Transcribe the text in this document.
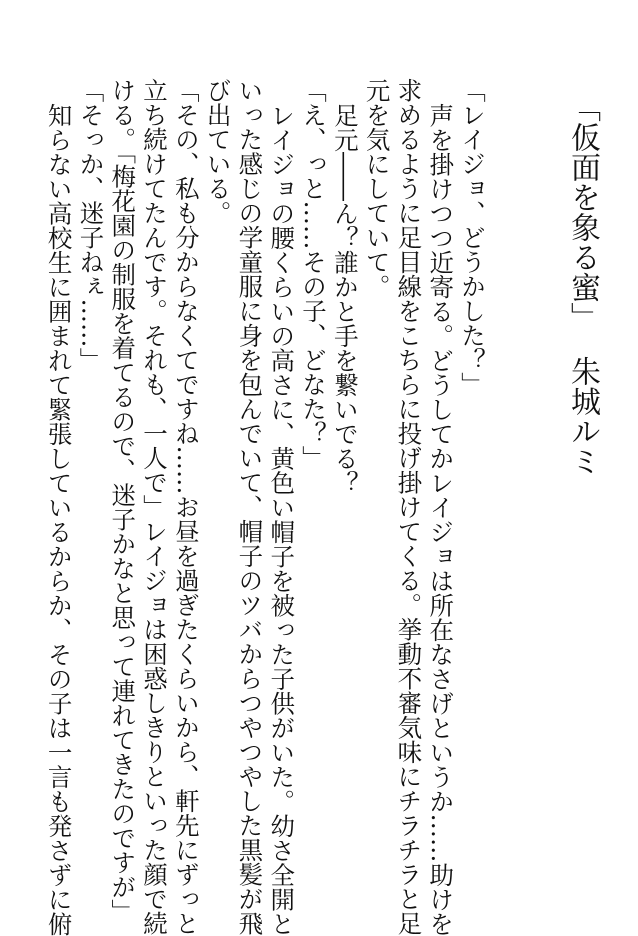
「仮面を象る蜜」朱城ルミ

「レイジョ、どうかした？」

声を掛けつつ近寄る。どうしてかレイジョは所在なさげというか……助けを

求めるように足目線をこちらに投げ掛けてくる。挙動不審気味にチラチラと足

元を気にしていて。

足元――ん？誰かと手を繋いでる？

「え、っと……その子、どなた？」

レイジョの腰くらいの高さに、黄色い帽子を被った子供がいた。幼さ全開と

いった感じの学童服に身を包んでいて、帽子のツバからつやつやした黒髪が飛

び出ている。

「その、私も分からなくてですね……お昼を過ぎたくらいから、軒先にずっと

立ち続けてたんです。それも、一人で」レイジョは困惑しきりといった顔で続

ける。「梅花園の制服を着てるので、迷子かなと思って連れてきたのですが」

「そっか、迷子ねぇ……」

知らない高校生に囲まれて緊張しているからか、その子は一言も発さずに俯
